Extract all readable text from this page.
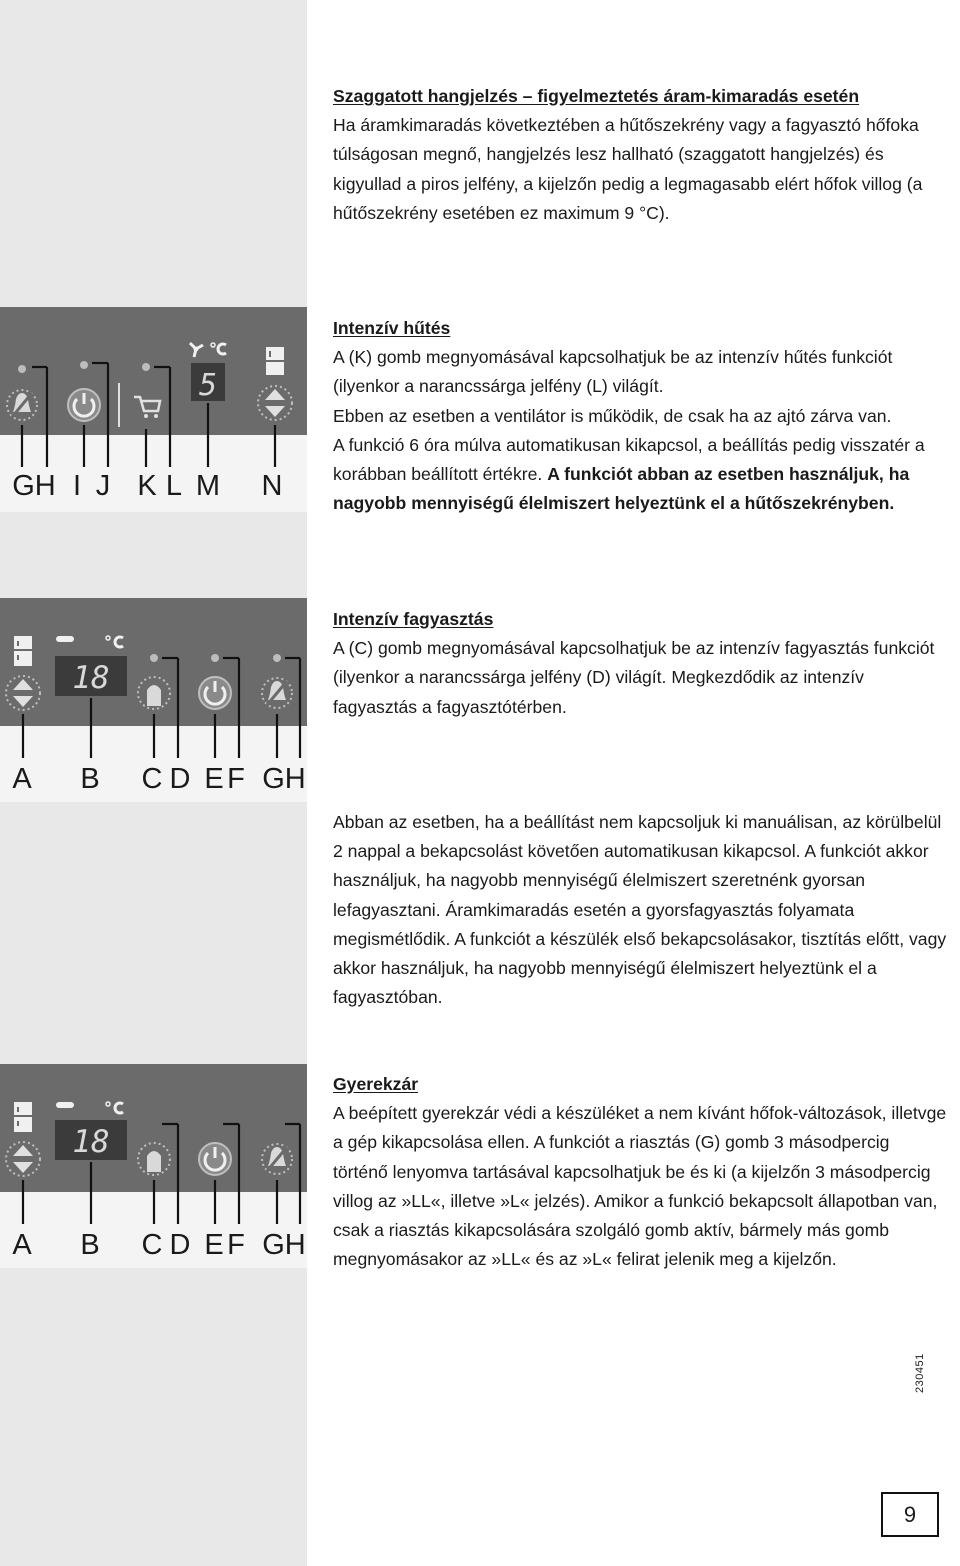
5
GH I J K L M N
18
A B C D E F GH
18
A B C D E F GH

Szaggatott hangjelzés – figyelmeztetés áram-kimaradás esetén

Ha áramkimaradás következtében a hűtőszekrény vagy a fagyasztó hőfoka túlságosan megnő, hangjelzés lesz hallható (szaggatott hangjelzés) és kigyullad a piros jelfény, a kijelzőn pedig a legmagasabb elért hőfok villog (a hűtőszekrény esetében ez maximum 9 °C).

Intenzív hűtés

A (K) gomb megnyomásával kapcsolhatjuk be az intenzív hűtés funkciót (ilyenkor a narancssárga jelfény (L) világít.

Ebben az esetben a ventilátor is működik, de csak ha az ajtó zárva van.

A funkció 6 óra múlva automatikusan kikapcsol, a beállítás pedig visszatér a korábban beállított értékre. A funkciót abban az esetben használjuk, ha nagyobb mennyiségű élelmiszert helyeztünk el a hűtőszekrényben.

Intenzív fagyasztás

A (C) gomb megnyomásával kapcsolhatjuk be az intenzív fagyasztás funkciót (ilyenkor a narancssárga jelfény (D) világít. Megkezdődik az intenzív fagyasztás a fagyasztótérben.

Abban az esetben, ha a beállítást nem kapcsoljuk ki manuálisan, az körülbelül 2 nappal a bekapcsolást követően automatikusan kikapcsol. A funkciót akkor használjuk, ha nagyobb mennyiségű élelmiszert szeretnénk gyorsan lefagyasztani. Áramkimaradás esetén a gyorsfagyasztás folyamata megismétlődik. A funkciót a készülék első bekapcsolásakor, tisztítás előtt, vagy akkor használjuk, ha nagyobb mennyiségű élelmiszert helyeztünk el a fagyasztóban.

Gyerekzár

A beépített gyerekzár védi a készüléket a nem kívánt hőfok-változások, illetvge a gép kikapcsolása ellen. A funkciót a riasztás (G) gomb 3 másodpercig történő lenyomva tartásával kapcsolhatjuk be és ki (a kijelzőn 3 másodpercig villog az »LL«, illetve »L« jelzés). Amikor a funkció bekapcsolt állapotban van, csak a riasztás kikapcsolására szolgáló gomb aktív, bármely más gomb megnyomásakor az »LL« és az »L« felirat jelenik meg a kijelzőn.

230451
9
